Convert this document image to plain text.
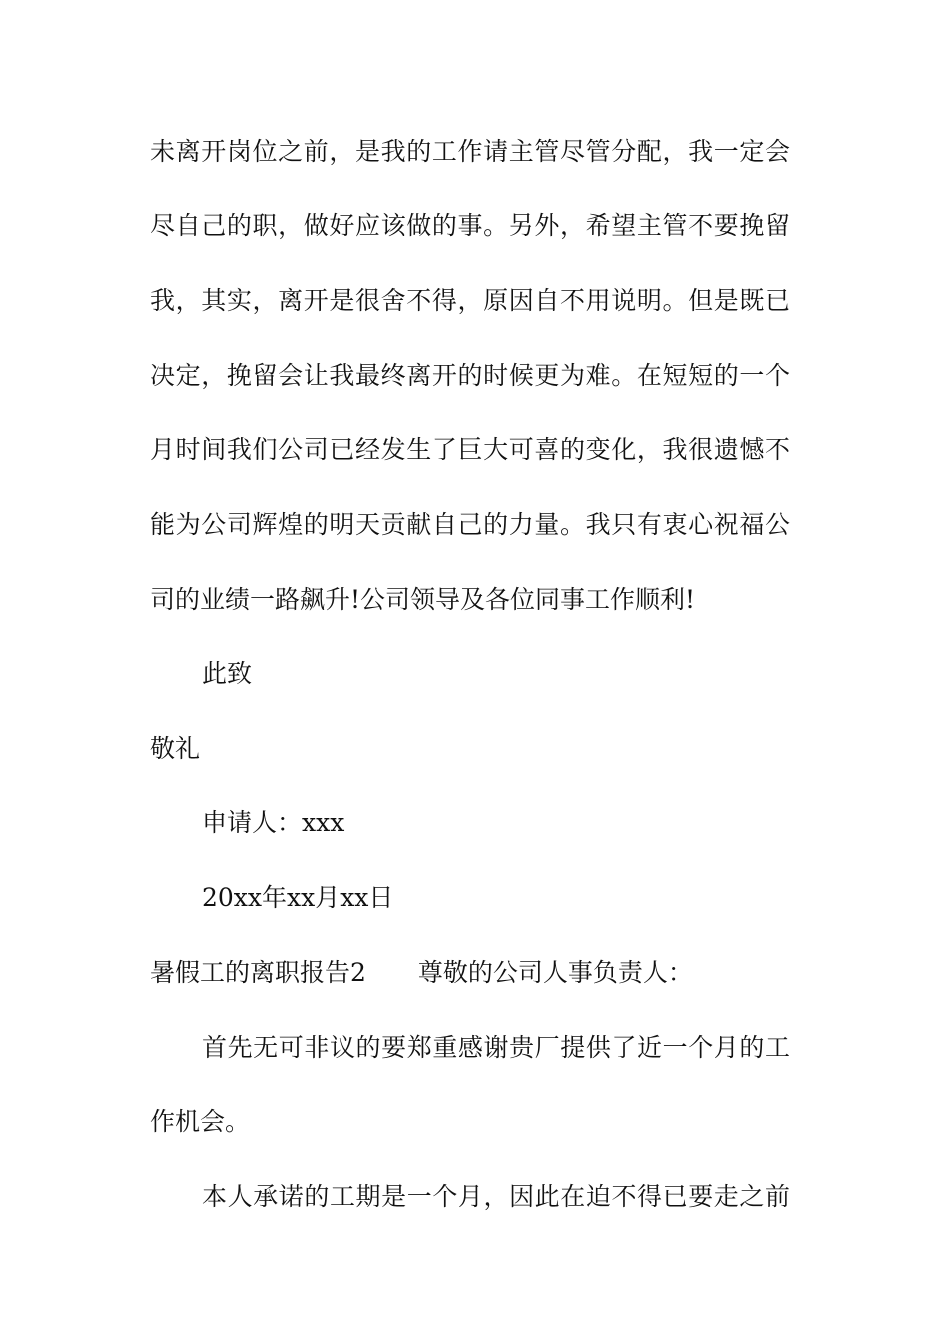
未离开岗位之前，是我的工作请主管尽管分配，我一定会
尽自己的职，做好应该做的事。另外，希望主管不要挽留
我，其实，离开是很舍不得，原因自不用说明。但是既已
决定，挽留会让我最终离开的时候更为难。在短短的一个
月时间我们公司已经发生了巨大可喜的变化，我很遗憾不
能为公司辉煌的明天贡献自己的力量。我只有衷心祝福公
司的业绩一路飙升!公司领导及各位同事工作顺利!
此致
敬礼
申请人：xxx
20xx年xx月xx日
暑假工的离职报告2 尊敬的公司人事负责人：
首先无可非议的要郑重感谢贵厂提供了近一个月的工
作机会。
本人承诺的工期是一个月，因此在迫不得已要走之前
